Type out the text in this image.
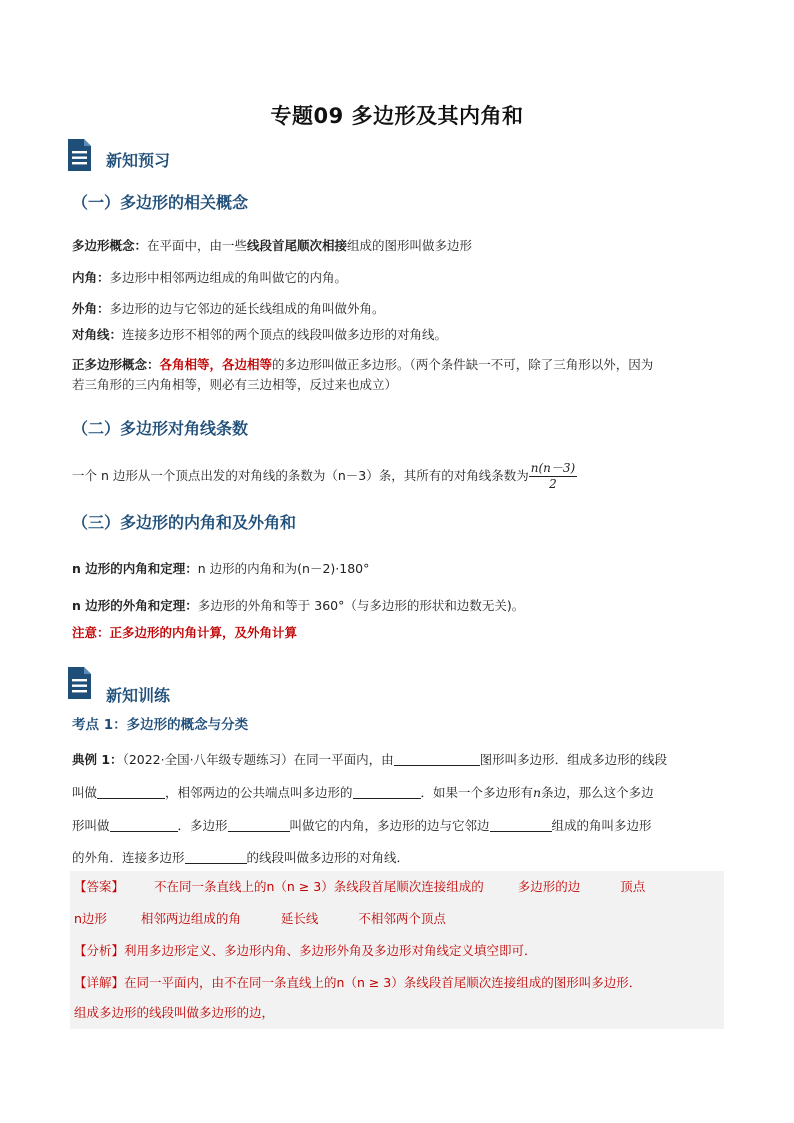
专题09 多边形及其内角和
新知预习
（一）多边形的相关概念
多边形概念：在平面中，由一些线段首尾顺次相接组成的图形叫做多边形
内角：多边形中相邻两边组成的角叫做它的内角。
外角：多边形的边与它邻边的延长线组成的角叫做外角。
对角线：连接多边形不相邻的两个顶点的线段叫做多边形的对角线。
正多边形概念：各角相等，各边相等的多边形叫做正多边形。（两个条件缺一不可，除了三角形以外，因为
若三角形的三内角相等，则必有三边相等，反过来也成立）
（二）多边形对角线条数
一个 n 边形从一个顶点出发的对角线的条数为（n－3）条，其所有的对角线条数为 $\frac{n(n-3)}{2}$
（三）多边形的内角和及外角和
n 边形的内角和定理：n 边形的内角和为(n－2)·180°
n 边形的外角和定理：多边形的外角和等于 360°（与多边形的形状和边数无关)。
注意：正多边形的内角计算，及外角计算
新知训练
考点 1：多边形的概念与分类
典例 1：（2022·全国·八年级专题练习）在同一平面内，由	图形叫多边形．组成多边形的线段
叫做	，相邻两边的公共端点叫多边形的	．如果一个多边形有n条边，那么这个多边
形叫做	．多边形	叫做它的内角，多边形的边与它邻边	组成的角叫多边形
的外角．连接多边形	的线段叫做多边形的对角线．
【答案】 不在同一条直线上的n（n ≥ 3）条线段首尾顺次连接组成的	多边形的边	顶点
n边形	相邻两边组成的角	延长线	不相邻两个顶点
【分析】利用多边形定义、多边形内角、多边形外角及多边形对角线定义填空即可．
【详解】在同一平面内，由不在同一条直线上的n（n ≥ 3）条线段首尾顺次连接组成的图形叫多边形．
组成多边形的线段叫做多边形的边，
